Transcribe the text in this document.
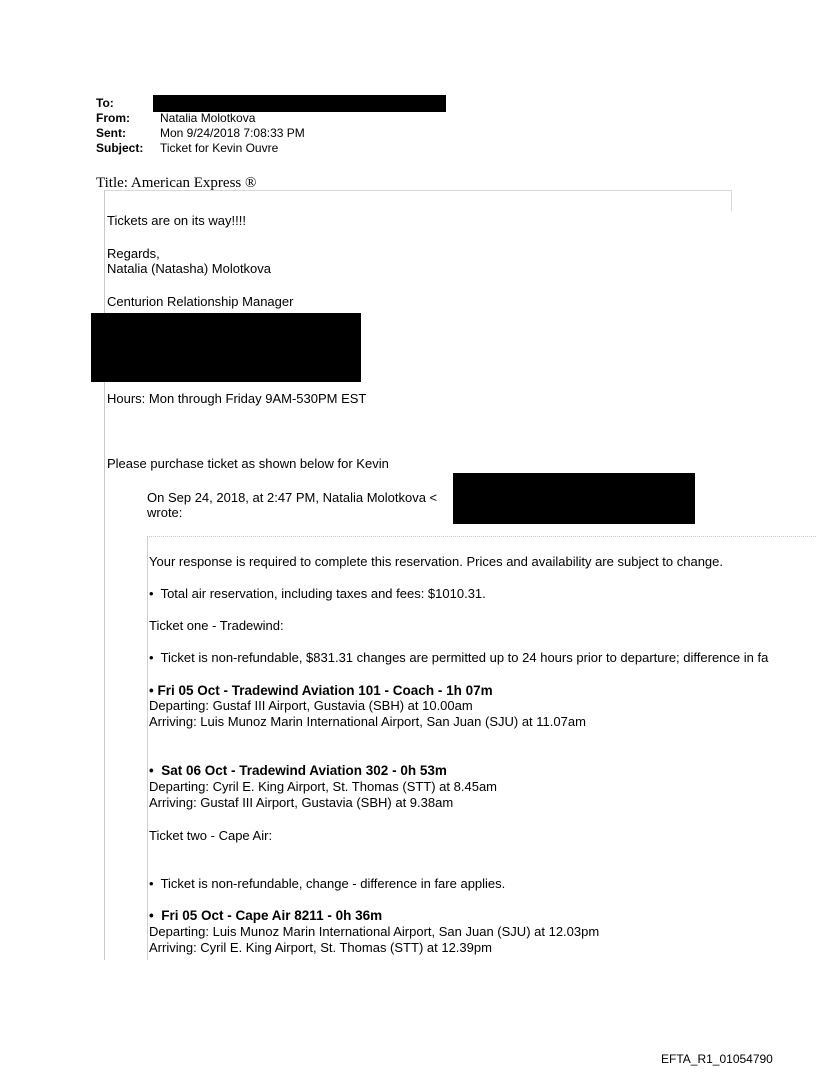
To:
From:	Natalia Molotkova
Sent:	Mon 9/24/2018 7:08:33 PM
Subject: Ticket for Kevin Ouvre
Title: American Express ®
Tickets are on its way!!!!
Regards,
Natalia (Natasha) Molotkova
Centurion Relationship Manager
Hours: Mon through Friday 9AM-530PM EST
Please purchase ticket as shown below for Kevin
On Sep 24, 2018, at 2:47 PM, Natalia Molotkova <
wrote:
Your response is required to complete this reservation. Prices and availability are subject to change.
• Total air reservation, including taxes and fees: $1010.31.
Ticket one - Tradewind:
• Ticket is non-refundable, $831.31 changes are permitted up to 24 hours prior to departure; difference in fa
• Fri 05 Oct - Tradewind Aviation 101 - Coach - 1h 07m
Departing: Gustaf III Airport, Gustavia (SBH) at 10.00am
Arriving: Luis Munoz Marin International Airport, San Juan (SJU) at 11.07am
• Sat 06 Oct - Tradewind Aviation 302 - 0h 53m
Departing: Cyril E. King Airport, St. Thomas (STT) at 8.45am
Arriving: Gustaf III Airport, Gustavia (SBH) at 9.38am
Ticket two - Cape Air:
• Ticket is non-refundable, change - difference in fare applies.
• Fri 05 Oct - Cape Air 8211 - 0h 36m
Departing: Luis Munoz Marin International Airport, San Juan (SJU) at 12.03pm
Arriving: Cyril E. King Airport, St. Thomas (STT) at 12.39pm
EFTA_R1_01054790
